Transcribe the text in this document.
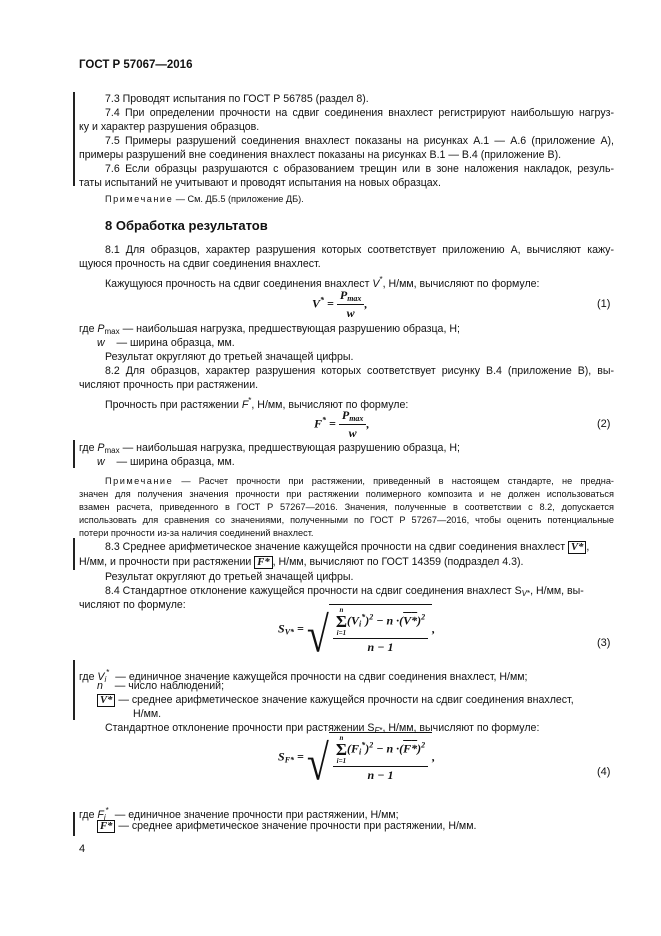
ГОСТ Р 57067—2016
7.3 Проводят испытания по ГОСТ Р 56785 (раздел 8).
7.4 При определении прочности на сдвиг соединения внахлест регистрируют наибольшую нагруз-
ку и характер разрушения образцов.
7.5 Примеры разрушений соединения внахлест показаны на рисунках А.1 — А.6 (приложение А),
примеры разрушений вне соединения внахлест показаны на рисунках В.1 — В.4 (приложение В).
7.6 Если образцы разрушаются с образованием трещин или в зоне наложения накладок, резуль-
таты испытаний не учитывают и проводят испытания на новых образцах.
Примечание — См. ДБ.5 (приложение ДБ).
8 Обработка результатов
8.1 Для образцов, характер разрушения которых соответствует приложению А, вычисляют кажу-
щуюся прочность на сдвиг соединения внахлест.
Кажущуюся прочность на сдвиг соединения внахлест V*, Н/мм, вычисляют по формуле:
$V^* = \frac{P_{max}}{w}$ ,	(1)
где $P_{max}$ — наибольшая нагрузка, предшествующая разрушению образца, Н;
w — ширина образца, мм.
Результат округляют до третьей значащей цифры.
8.2 Для образцов, характер разрушения которых соответствует рисунку В.4 (приложение В), вы-
числяют прочность при растяжении.
Прочность при растяжении F*, Н/мм, вычисляют по формуле:
$F^* = \frac{P_{max}}{w}$ ,	(2)
где $P_{max}$ — наибольшая нагрузка, предшествующая разрушению образца, Н;
w — ширина образца, мм.
Примечание — Расчет прочности при растяжении, приведенный в настоящем стандарте, не предна-
значен для получения значения прочности при растяжении полимерного композита и не должен использоваться
взамен расчета, приведенного в ГОСТ Р 57267—2016. Значения, полученные в соответствии с 8.2, допускается
использовать для сравнения со значениями, полученными по ГОСТ Р 57267—2016, чтобы оценить потенциальные
потери прочности из-за наличия соединений внахлест.
8.3 Среднее арифметическое значение кажущейся прочности на сдвиг соединения внахлест V* ,
Н/мм, и прочности при растяжении F* , Н/мм, вычисляют по ГОСТ 14359 (подраздел 4.3).
Результат округляют до третьей значащей цифры.
8.4 Стандартное отклонение кажущейся прочности на сдвиг соединения внахлест $S_{V*}$, Н/мм, вы-
числяют по формуле:
$S_{V*}$ = √ n
Σ
i=1
$(V_i^*)^2 - n \cdot(V*)^2$
n − 1 ,
(3)
где $V_i^*$ — единичное значение кажущейся прочности на сдвиг соединения внахлест, Н/мм;
n — число наблюдений;
V* — среднее арифметическое значение кажущейся прочности на сдвиг соединения внахлест,
Н/мм.
Стандартное отклонение прочности при растяжении $S_{F*}$, Н/мм, вычисляют по формуле:
$S_{F*}$ = √ n
Σ
i=1
$(F_i^*)^2 - n \cdot(F*)^2$
n − 1 ,
(4)
где $F_i^*$ — единичное значение прочности при растяжении, Н/мм;
F* — среднее арифметическое значение прочности при растяжении, Н/мм.
4
